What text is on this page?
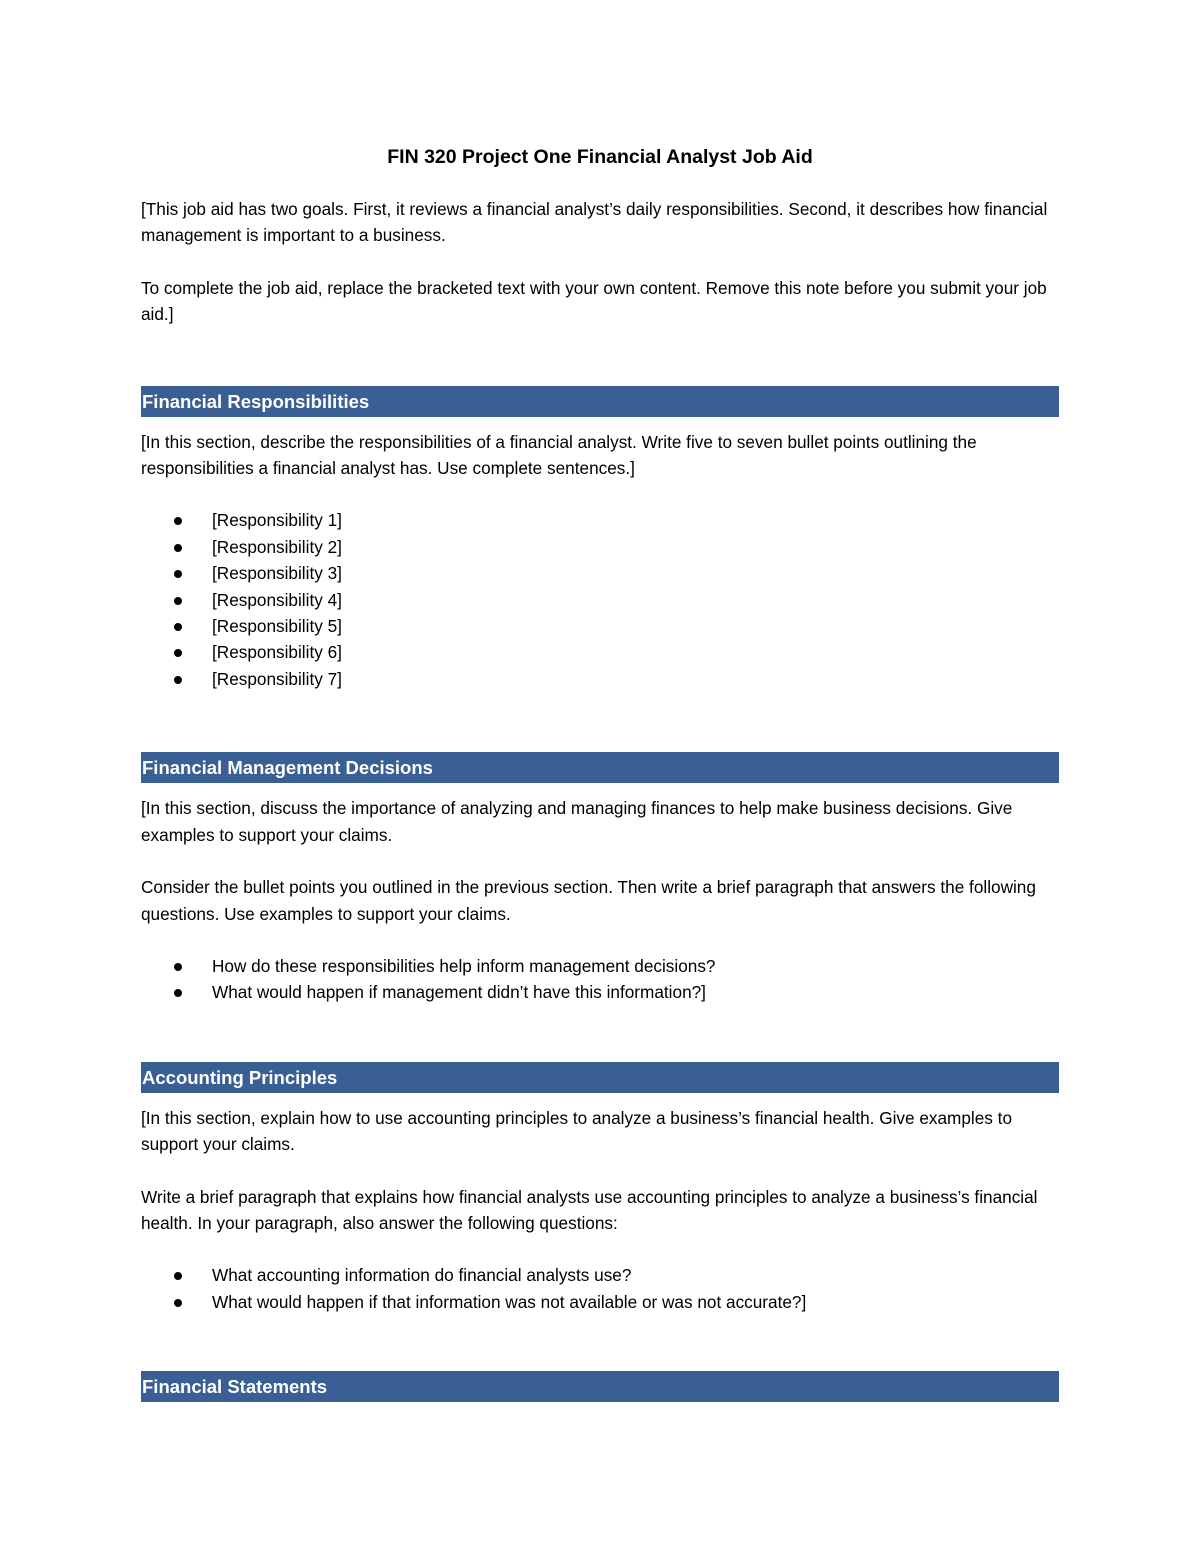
FIN 320 Project One Financial Analyst Job Aid

[This job aid has two goals. First, it reviews a financial analyst’s daily responsibilities. Second, it describes how financial management is important to a business.

To complete the job aid, replace the bracketed text with your own content. Remove this note before you submit your job aid.]

Financial Responsibilities

[In this section, describe the responsibilities of a financial analyst. Write five to seven bullet points outlining the responsibilities a financial analyst has. Use complete sentences.]

[Responsibility 1]
[Responsibility 2]
[Responsibility 3]
[Responsibility 4]
[Responsibility 5]
[Responsibility 6]
[Responsibility 7]
Financial Management Decisions

[In this section, discuss the importance of analyzing and managing finances to help make business decisions. Give examples to support your claims.

Consider the bullet points you outlined in the previous section. Then write a brief paragraph that answers the following questions. Use examples to support your claims.

How do these responsibilities help inform management decisions?
What would happen if management didn’t have this information?]
Accounting Principles

[In this section, explain how to use accounting principles to analyze a business’s financial health. Give examples to support your claims.

Write a brief paragraph that explains how financial analysts use accounting principles to analyze a business’s financial health. In your paragraph, also answer the following questions:

What accounting information do financial analysts use?
What would happen if that information was not available or was not accurate?]
Financial Statements
